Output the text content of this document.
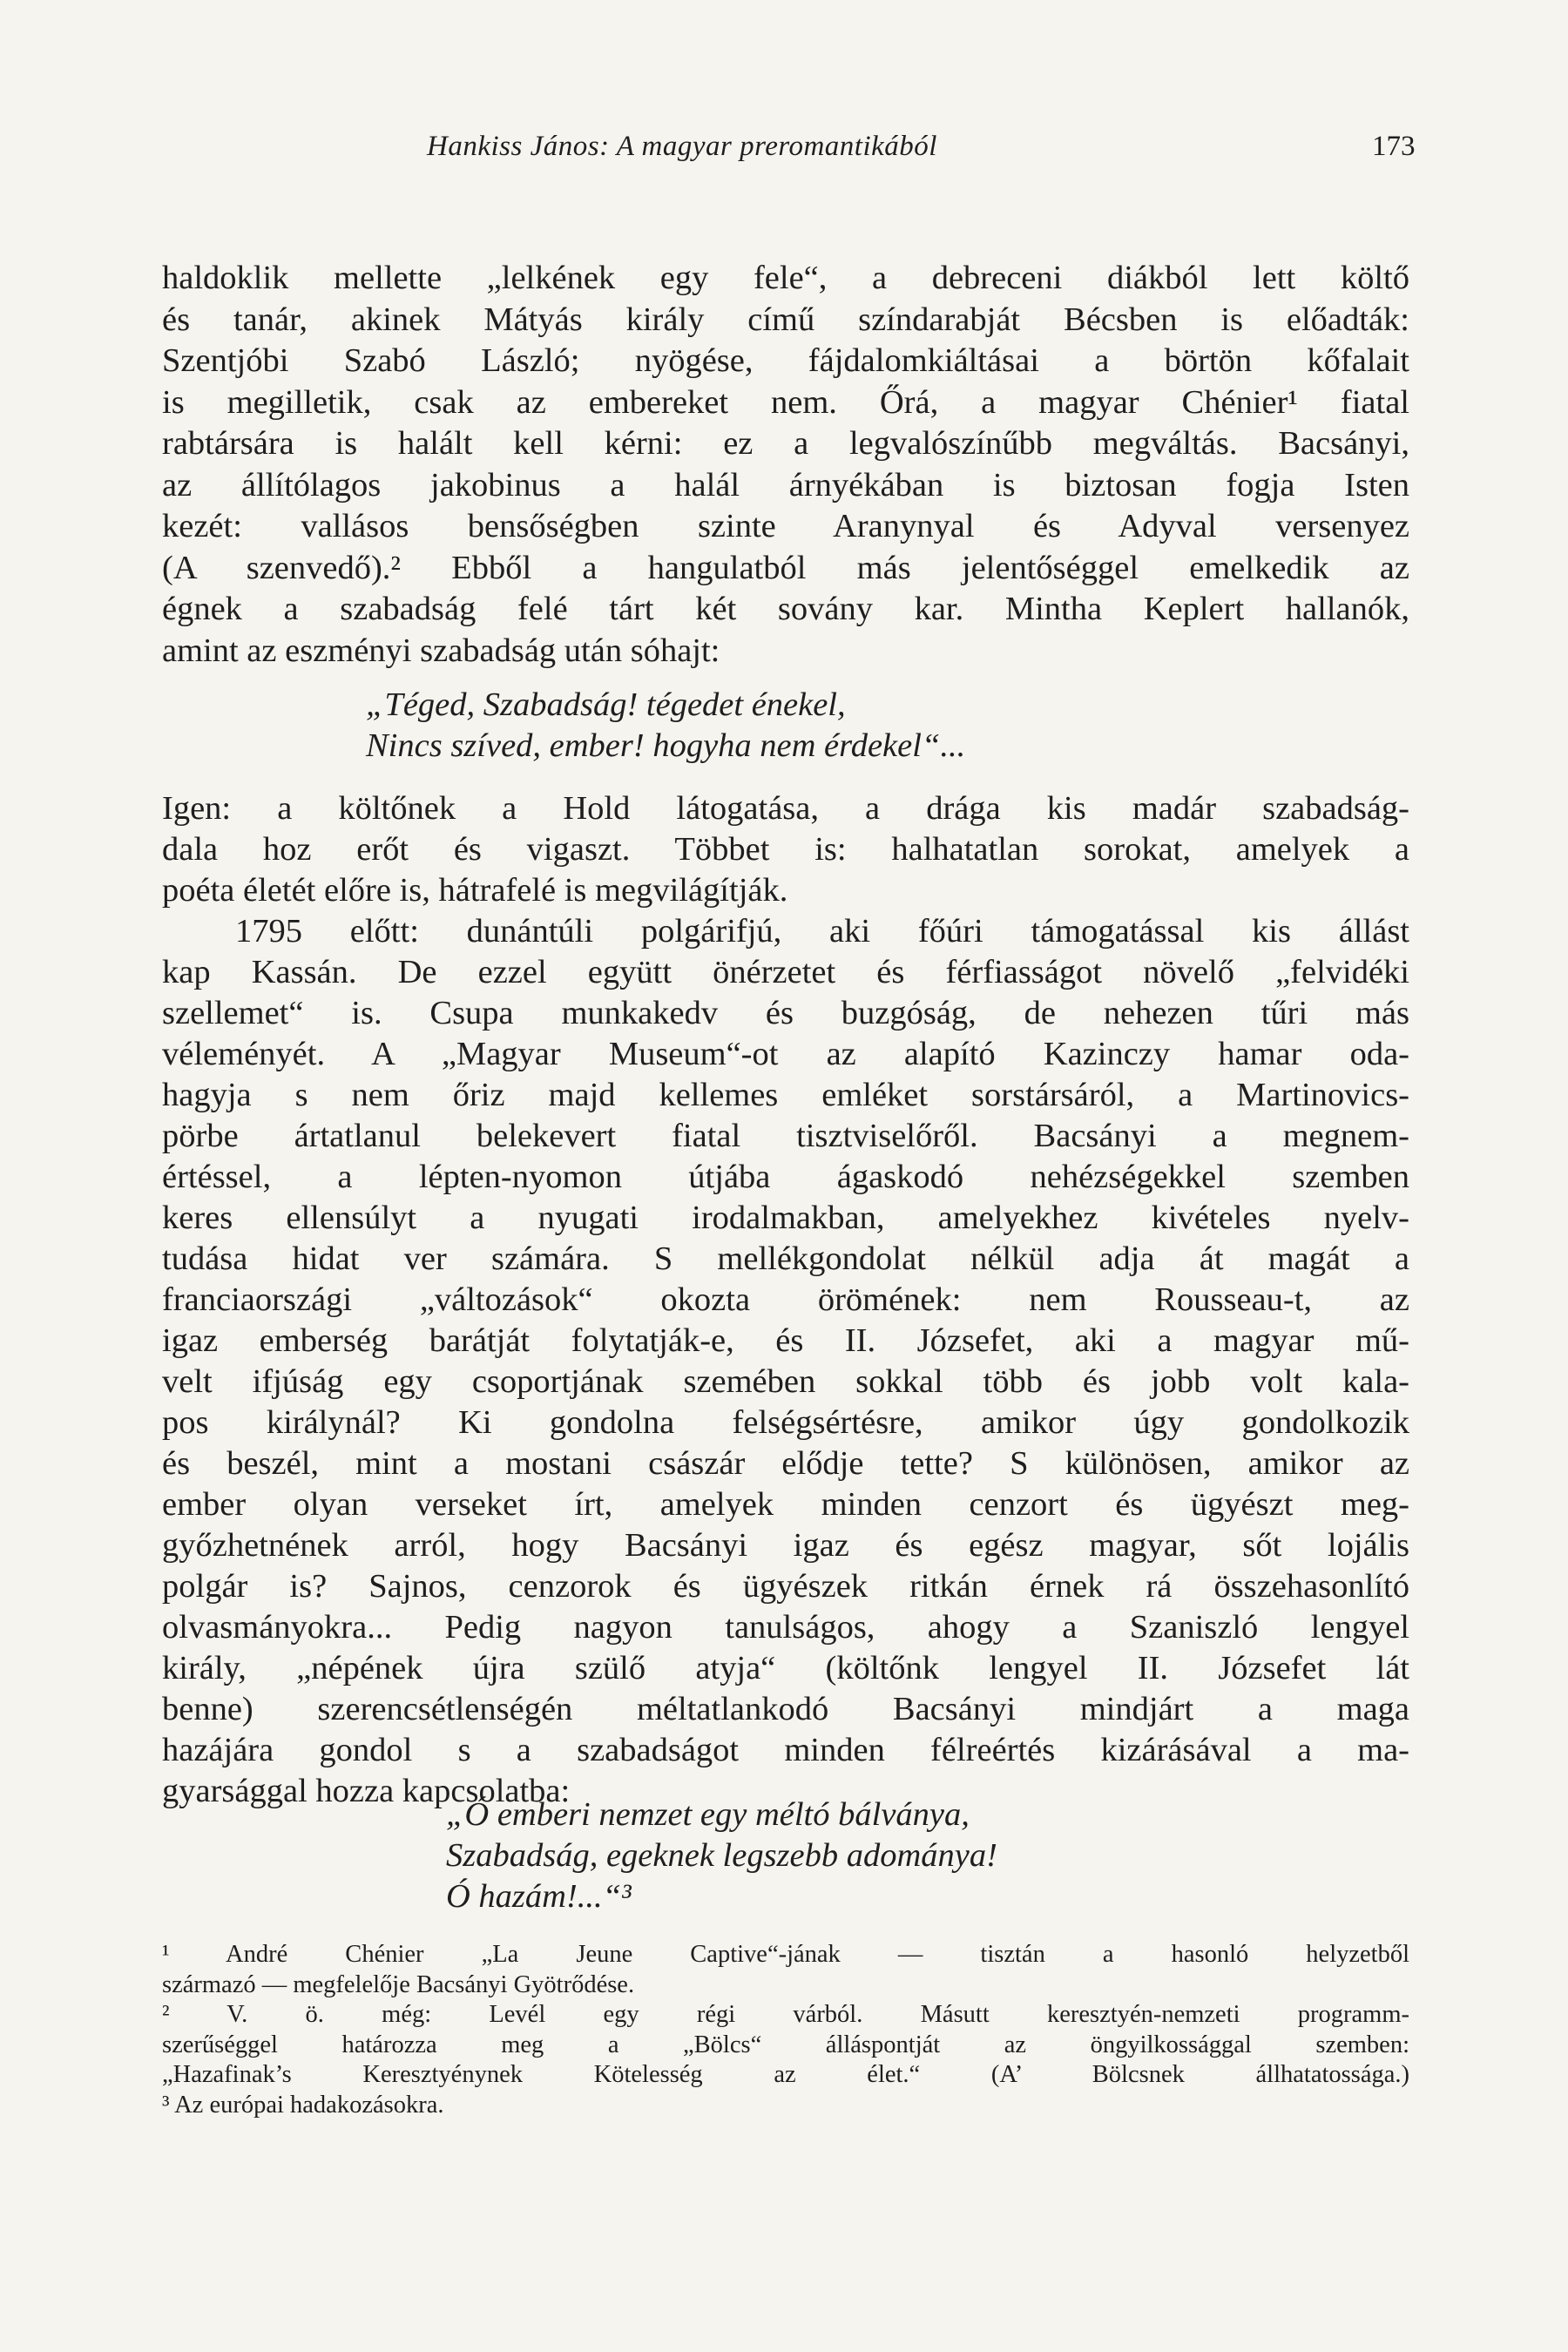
Hankiss János: A magyar preromantikából	173
haldoklik mellette „lelkének egy fele“, a debreceni diákból lett költő
és tanár, akinek Mátyás király című színdarabját Bécsben is előadták:
Szentjóbi Szabó László; nyögése, fájdalomkiáltásai a börtön kőfalait
is megilletik, csak az embereket nem. Őrá, a magyar Chénier¹ fiatal
rabtársára is halált kell kérni: ez a legvalószínűbb megváltás. Bacsányi,
az állítólagos jakobinus a halál árnyékában is biztosan fogja Isten
kezét: vallásos bensőségben szinte Aranynyal és Adyval versenyez
(A szenvedő).² Ebből a hangulatból más jelentőséggel emelkedik az
égnek a szabadság felé tárt két sovány kar. Mintha Keplert hallanók,
amint az eszményi szabadság után sóhajt:
„Téged, Szabadság! tégedet énekel,
Nincs szíved, ember! hogyha nem érdekel“...
Igen: a költőnek a Hold látogatása, a drága kis madár szabadság-
dala hoz erőt és vigaszt. Többet is: halhatatlan sorokat, amelyek a
poéta életét előre is, hátrafelé is megvilágítják.
1795 előtt: dunántúli polgárifjú, aki főúri támogatással kis állást
kap Kassán. De ezzel együtt önérzetet és férfiasságot növelő „felvidéki
szellemet“ is. Csupa munkakedv és buzgóság, de nehezen tűri más
véleményét. A „Magyar Museum“-ot az alapító Kazinczy hamar oda-
hagyja s nem őriz majd kellemes emléket sorstársáról, a Martinovics-
pörbe ártatlanul belekevert fiatal tisztviselőről. Bacsányi a megnem-
értéssel, a lépten-nyomon útjába ágaskodó nehézségekkel szemben
keres ellensúlyt a nyugati irodalmakban, amelyekhez kivételes nyelv-
tudása hidat ver számára. S mellékgondolat nélkül adja át magát a
franciaországi „változások“ okozta örömének: nem Rousseau-t, az
igaz emberség barátját folytatják-e, és II. Józsefet, aki a magyar mű-
velt ifjúság egy csoportjának szemében sokkal több és jobb volt kala-
pos királynál? Ki gondolna felségsértésre, amikor úgy gondolkozik
és beszél, mint a mostani császár elődje tette? S különösen, amikor az
ember olyan verseket írt, amelyek minden cenzort és ügyészt meg-
győzhetnének arról, hogy Bacsányi igaz és egész magyar, sőt lojális
polgár is? Sajnos, cenzorok és ügyészek ritkán érnek rá összehasonlító
olvasmányokra... Pedig nagyon tanulságos, ahogy a Szaniszló lengyel
király, „népének újra szülő atyja“ (költőnk lengyel II. Józsefet lát
benne) szerencsétlenségén méltatlankodó Bacsányi mindjárt a maga
hazájára gondol s a szabadságot minden félreértés kizárásával a ma-
gyarsággal hozza kapcsolatba:
„Ó emberi nemzet egy méltó bálványa,
Szabadság, egeknek legszebb adománya!
Ó hazám!...“³
¹ André Chénier „La Jeune Captive“-jának — tisztán a hasonló helyzetből
származó — megfelelője Bacsányi Gyötrődése.
² V. ö. még: Levél egy régi várból. Másutt keresztyén-nemzeti programm-
szerűséggel határozza meg a „Bölcs“ álláspontját az öngyilkossággal szemben:
„Hazafinak’s Keresztyénynek Kötelesség az élet.“ (A’ Bölcsnek állhatatossága.)
³ Az európai hadakozásokra.
